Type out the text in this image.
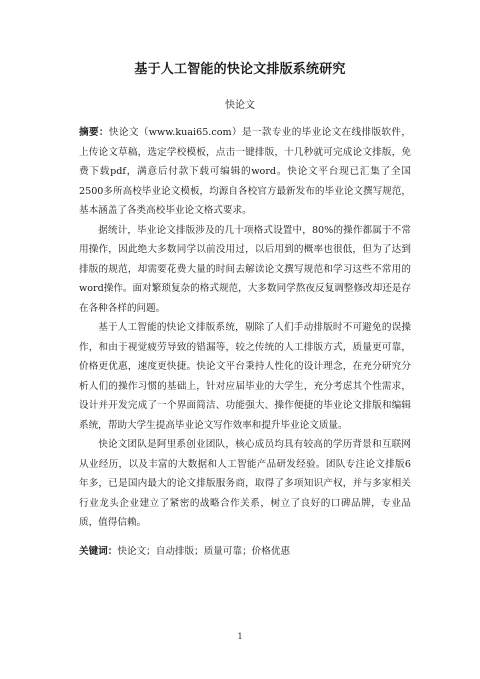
基于人工智能的快论文排版系统研究
快论文

摘要：快论文（www.kuai65.com）是一款专业的毕业论文在线排版软件，上传论文草稿，选定学校模板，点击一键排版，十几秒就可完成论文排版，免费下载pdf，满意后付款下载可编辑的word。快论文平台现已汇集了全国2500多所高校毕业论文模板，均源自各校官方最新发布的毕业论文撰写规范，基本涵盖了各类高校毕业论文格式要求。

据统计，毕业论文排版涉及的几十项格式设置中，80%的操作都属于不常用操作，因此绝大多数同学以前没用过，以后用到的概率也很低，但为了达到排版的规范，却需要花费大量的时间去解读论文撰写规范和学习这些不常用的word操作。面对繁琐复杂的格式规范，大多数同学熬夜反复调整修改却还是存在各种各样的问题。

基于人工智能的快论文排版系统，剔除了人们手动排版时不可避免的误操作，和由于视觉疲劳导致的错漏等，较之传统的人工排版方式，质量更可靠，价格更优惠，速度更快捷。快论文平台秉持人性化的设计理念，在充分研究分析人们的操作习惯的基础上，针对应届毕业的大学生，充分考虑其个性需求，设计并开发完成了一个界面简洁、功能强大、操作便捷的毕业论文排版和编辑系统，帮助大学生提高毕业论文写作效率和提升毕业论文质量。

快论文团队是阿里系创业团队，核心成员均具有较高的学历背景和互联网从业经历，以及丰富的大数据和人工智能产品研发经验。团队专注论文排版6年多，已是国内最大的论文排版服务商，取得了多项知识产权，并与多家相关行业龙头企业建立了紧密的战略合作关系，树立了良好的口碑品牌，专业品质，值得信赖。

关键词：快论文；自动排版；质量可靠；价格优惠

1
